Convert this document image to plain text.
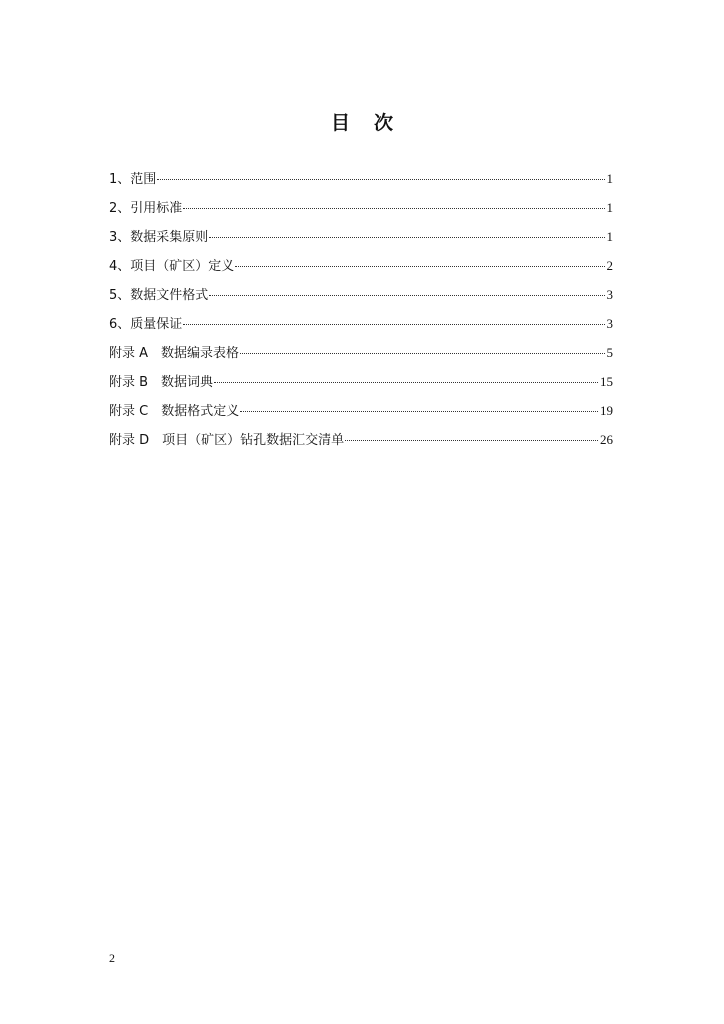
目次
1、范围	1
2、引用标准	1
3、数据采集原则	1
4、项目（矿区）定义	2
5、数据文件格式	3
6、质量保证	3
附录 A　数据编录表格	5
附录 B　数据词典	15
附录 C　数据格式定义	19
附录 D　项目（矿区）钻孔数据汇交清单	26
2
